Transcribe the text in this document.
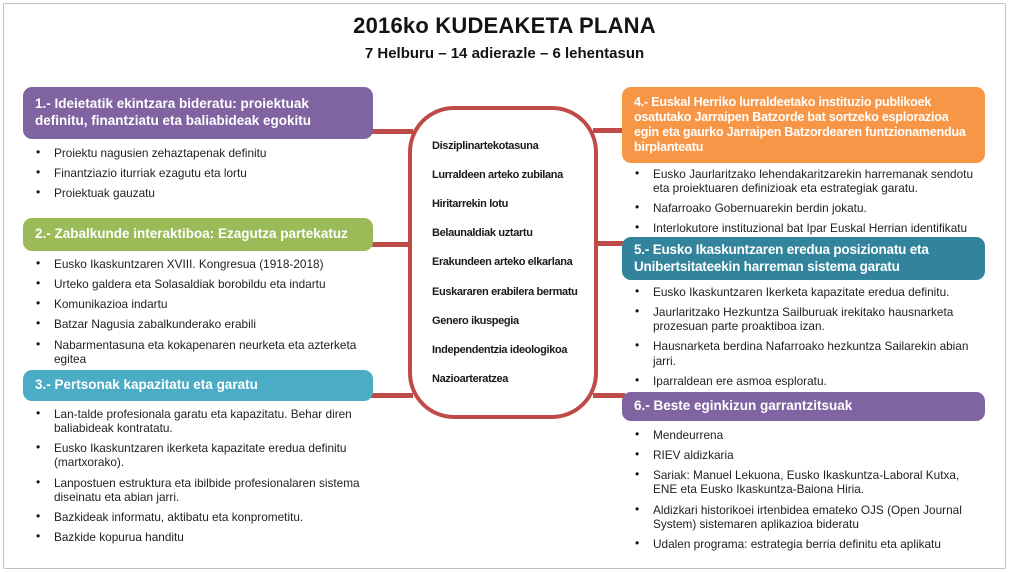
2016ko KUDEAKETA PLANA
7 Helburu – 14 adierazle – 6 lehentasun
Disziplinartekotasuna
Lurraldeen arteko zubilana
Hiritarrekin lotu
Belaunaldiak uztartu
Erakundeen arteko elkarlana
Euskararen erabilera bermatu
Genero ikuspegia
Independentzia ideologikoa
Nazioarteratzea
1.- Ideietatik ekintzara bideratu: proiektuak definitu, finantziatu eta baliabideak egokitu
• Proiektu nagusien zehaztapenak definitu
• Finantziazio iturriak ezagutu eta lortu
• Proiektuak gauzatu
2.- Zabalkunde interaktiboa: Ezagutza partekatuz
• Eusko Ikaskuntzaren XVIII. Kongresua (1918-2018)
• Urteko galdera eta Solasaldiak borobildu eta indartu
• Komunikazioa indartu
• Batzar Nagusia zabalkunderako erabili
• Nabarmentasuna eta kokapenaren neurketa eta azterketa egitea
3.- Pertsonak kapazitatu eta garatu
• Lan-talde profesionala garatu eta kapazitatu. Behar diren baliabideak kontratatu.
• Eusko Ikaskuntzaren ikerketa kapazitate eredua definitu (martxorako).
• Lanpostuen estruktura eta ibilbide profesionalaren sistema diseinatu eta abian jarri.
• Bazkideak informatu, aktibatu eta konprometitu.
• Bazkide kopurua handitu
4.- Euskal Herriko lurraldeetako instituzio publikoek osatutako Jarraipen Batzorde bat sortzeko esplorazioa egin eta gaurko Jarraipen Batzordearen funtzionamendua birplanteatu
• Eusko Jaurlaritzako lehendakaritzarekin harremanak sendotu eta proiektuaren definizioak eta estrategiak garatu.
• Nafarroako Gobernuarekin berdin jokatu.
• Interlokutore instituzional bat Ipar Euskal Herrian identifikatu
5.- Eusko Ikaskuntzaren eredua posizionatu eta Unibertsitateekin harreman sistema garatu
• Eusko Ikaskuntzaren Ikerketa kapazitate eredua definitu.
• Jaurlaritzako Hezkuntza Sailburuak irekitako hausnarketa prozesuan parte proaktiboa izan.
• Hausnarketa berdina Nafarroako hezkuntza Sailarekin abian jarri.
• Iparraldean ere asmoa esploratu.
6.- Beste eginkizun garrantzitsuak
• Mendeurrena
• RIEV aldizkaria
• Sariak: Manuel Lekuona, Eusko Ikaskuntza-Laboral Kutxa, ENE eta Eusko Ikaskuntza-Baiona Hiria.
• Aldizkari historikoei irtenbidea emateko OJS (Open Journal System) sistemaren aplikazioa bideratu
• Udalen programa: estrategia berria definitu eta aplikatu
